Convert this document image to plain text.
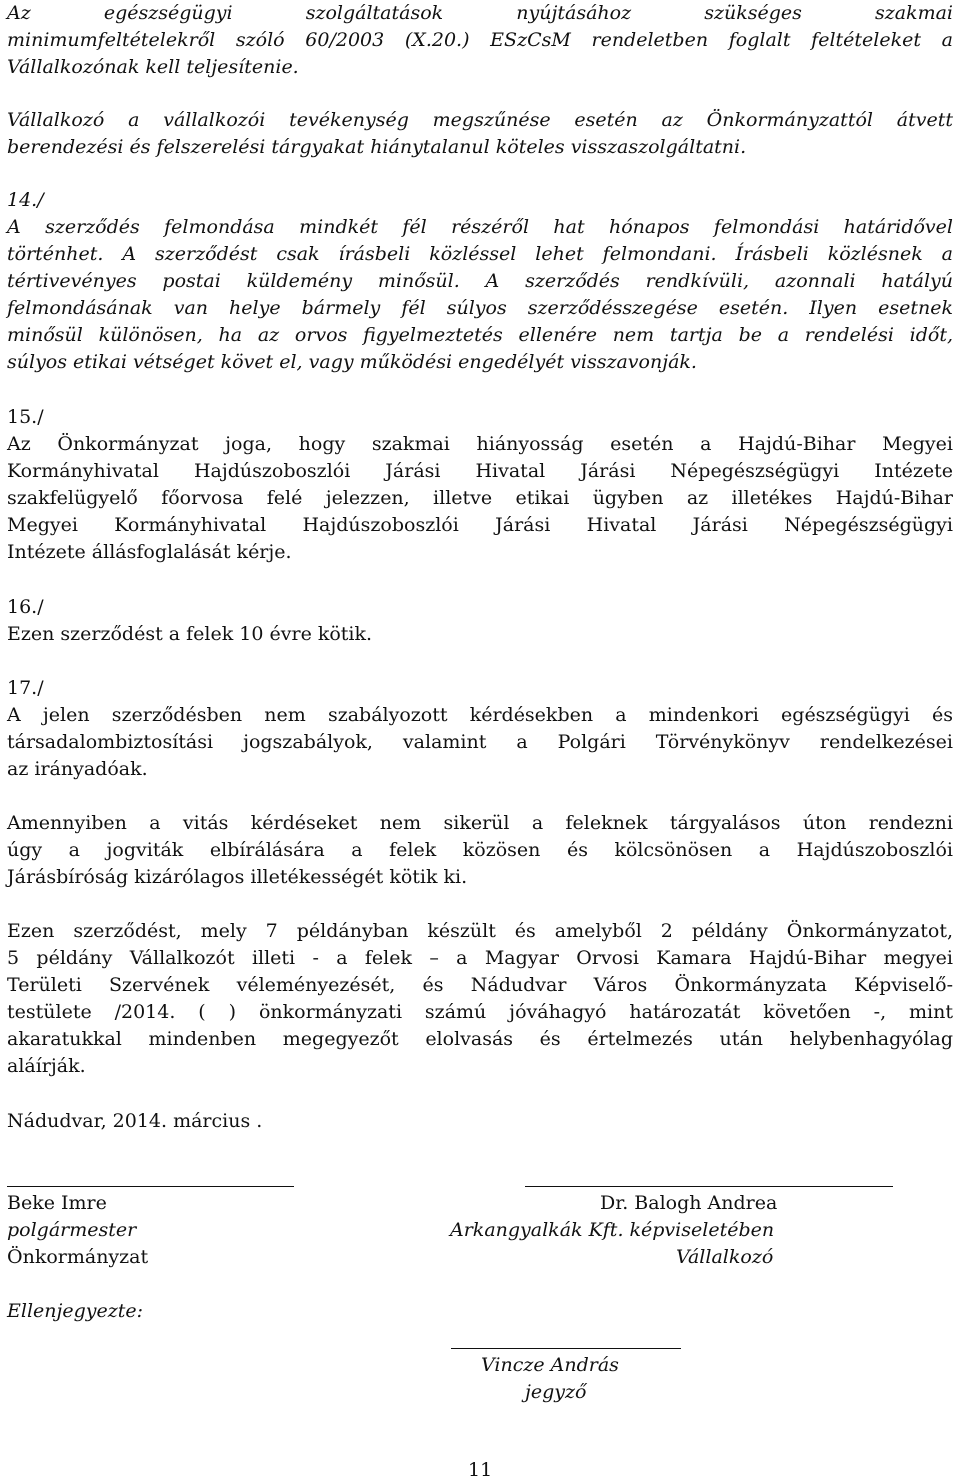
Az egészségügyi szolgáltatások nyújtásához szükséges szakmai
minimumfeltételekről szóló 60/2003 (X.20.) ESzCsM rendeletben foglalt feltételeket a
Vállalkozónak kell teljesítenie.

Vállalkozó a vállalkozói tevékenység megszűnése esetén az Önkormányzattól átvett
berendezési és felszerelési tárgyakat hiánytalanul köteles visszaszolgáltatni.

14./

A szerződés felmondása mindkét fél részéről hat hónapos felmondási határidővel
történhet. A szerződést csak írásbeli közléssel lehet felmondani. Írásbeli közlésnek a
tértivevényes postai küldemény minősül. A szerződés rendkívüli, azonnali hatályú
felmondásának van helye bármely fél súlyos szerződésszegése esetén. Ilyen esetnek
minősül különösen, ha az orvos figyelmeztetés ellenére nem tartja be a rendelési időt,
súlyos etikai vétséget követ el, vagy működési engedélyét visszavonják.

15./

Az Önkormányzat joga, hogy szakmai hiányosság esetén a Hajdú-Bihar Megyei
Kormányhivatal Hajdúszoboszlói Járási Hivatal Járási Népegészségügyi Intézete
szakfelügyelő főorvosa felé jelezzen, illetve etikai ügyben az illetékes Hajdú-Bihar
Megyei Kormányhivatal Hajdúszoboszlói Járási Hivatal Járási Népegészségügyi
Intézete állásfoglalását kérje.

16./

Ezen szerződést a felek 10 évre kötik.

17./

A jelen szerződésben nem szabályozott kérdésekben a mindenkori egészségügyi és
társadalombiztosítási jogszabályok, valamint a Polgári Törvénykönyv rendelkezései
az irányadóak.

Amennyiben a vitás kérdéseket nem sikerül a feleknek tárgyalásos úton rendezni
úgy a jogviták elbírálására a felek közösen és kölcsönösen a Hajdúszoboszlói
Járásbíróság kizárólagos illetékességét kötik ki.

Ezen szerződést, mely 7 példányban készült és amelyből 2 példány Önkormányzatot,
5 példány Vállalkozót illeti - a felek – a Magyar Orvosi Kamara Hajdú-Bihar megyei
Területi Szervének véleményezését, és Nádudvar Város Önkormányzata Képviselő-
testülete /2014. ( ) önkormányzati számú jóváhagyó határozatát követően -, mint
akaratukkal mindenben megegyezőt elolvasás és értelmezés után helybenhagyólag
aláírják.

Nádudvar, 2014. március .

Beke Imre
polgármester
Önkormányzat
Dr. Balogh Andrea
Arkangyalkák Kft. képviseletében
Vállalkozó
Ellenjegyezte:
Vincze András
jegyző
11
